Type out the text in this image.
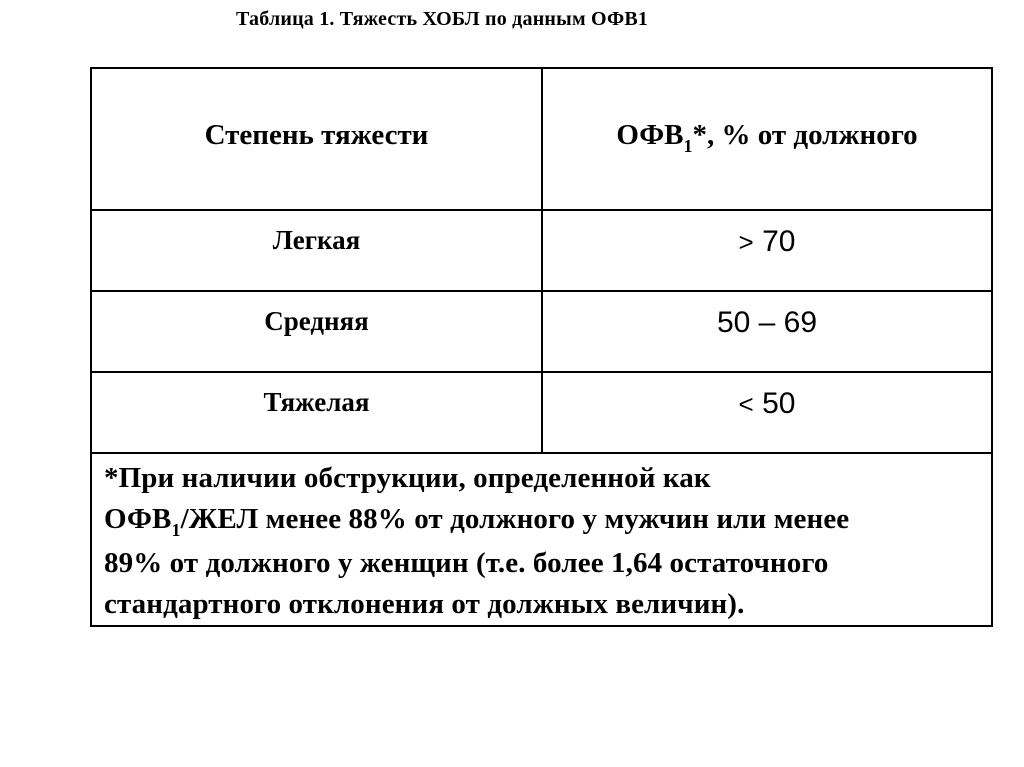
Таблица 1. Тяжесть ХОБЛ по данным ОФВ1
Степень тяжести	$ОФВ_1*$, % от должного

Легкая	> 70

Средняя	50 – 69

Тяжелая	< 50

*При наличии обструкции, определенной как
$ОФВ_1$/ЖЕЛ менее 88% от должного у мужчин или менее
89% от должного у женщин (т.е. более 1,64 остаточного
стандартного отклонения от должных величин).	
